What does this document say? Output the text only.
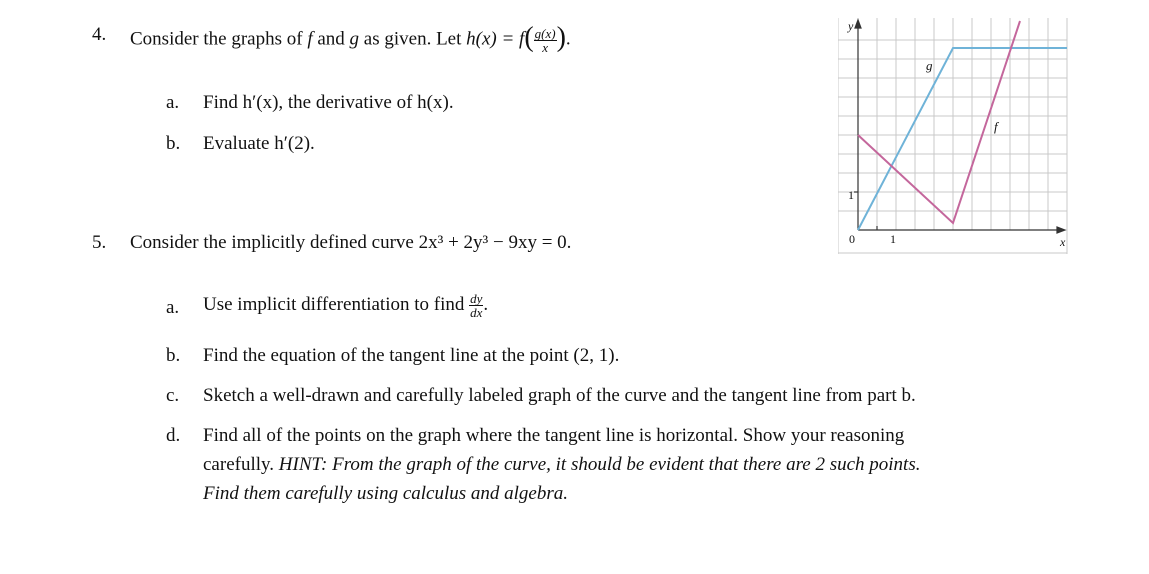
4. Consider the graphs of f and g as given. Let $h(x) = f( \frac{g(x)}{x}$ ).
a. Find h′(x), the derivative of h(x).
b. Evaluate h′(2).
y
x
0	1
1
g
f
5. Consider the implicitly defined curve 2x³ + 2y³ − 9xy = 0.
a. Use implicit differentiation to find $\frac{dy}{dx}$ .
b. Find the equation of the tangent line at the point (2, 1).
c. Sketch a well-drawn and carefully labeled graph of the curve and the tangent line from part b.
d. Find all of the points on the graph where the tangent line is horizontal. Show your reasoning
carefully. HINT: From the graph of the curve, it should be evident that there are 2 such points.
Find them carefully using calculus and algebra.
